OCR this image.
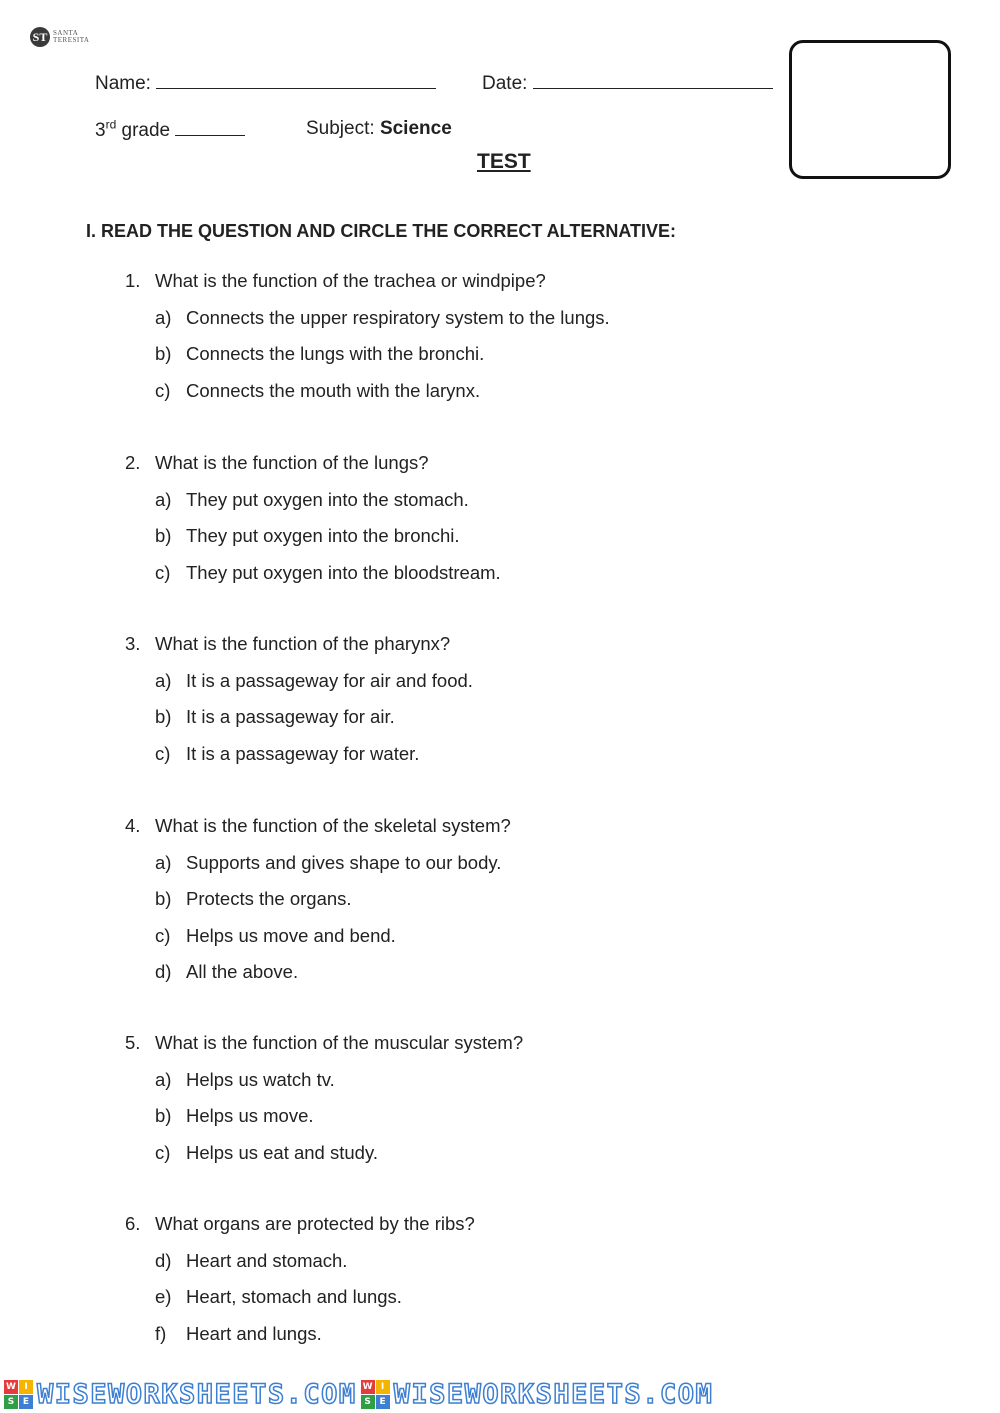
ST SANTA
TERESITA
Name:	Date:
3rd grade	Subject: Science
TEST
I. READ THE QUESTION AND CIRCLE THE CORRECT ALTERNATIVE:
1. What is the function of the trachea or windpipe?
a) Connects the upper respiratory system to the lungs.
b) Connects the lungs with the bronchi.
c) Connects the mouth with the larynx.
2. What is the function of the lungs?
a) They put oxygen into the stomach.
b) They put oxygen into the bronchi.
c) They put oxygen into the bloodstream.
3. What is the function of the pharynx?
a) It is a passageway for air and food.
b) It is a passageway for air.
c) It is a passageway for water.
4. What is the function of the skeletal system?
a) Supports and gives shape to our body.
b) Protects the organs.
c) Helps us move and bend.
d) All the above.
5. What is the function of the muscular system?
a) Helps us watch tv.
b) Helps us move.
c) Helps us eat and study.
6. What organs are protected by the ribs?
d) Heart and stomach.
e) Heart, stomach and lungs.
f) Heart and lungs.
W I
S E WISEWORKSHEETS.COM W I
S E WISEWORKSHEETS.COM
